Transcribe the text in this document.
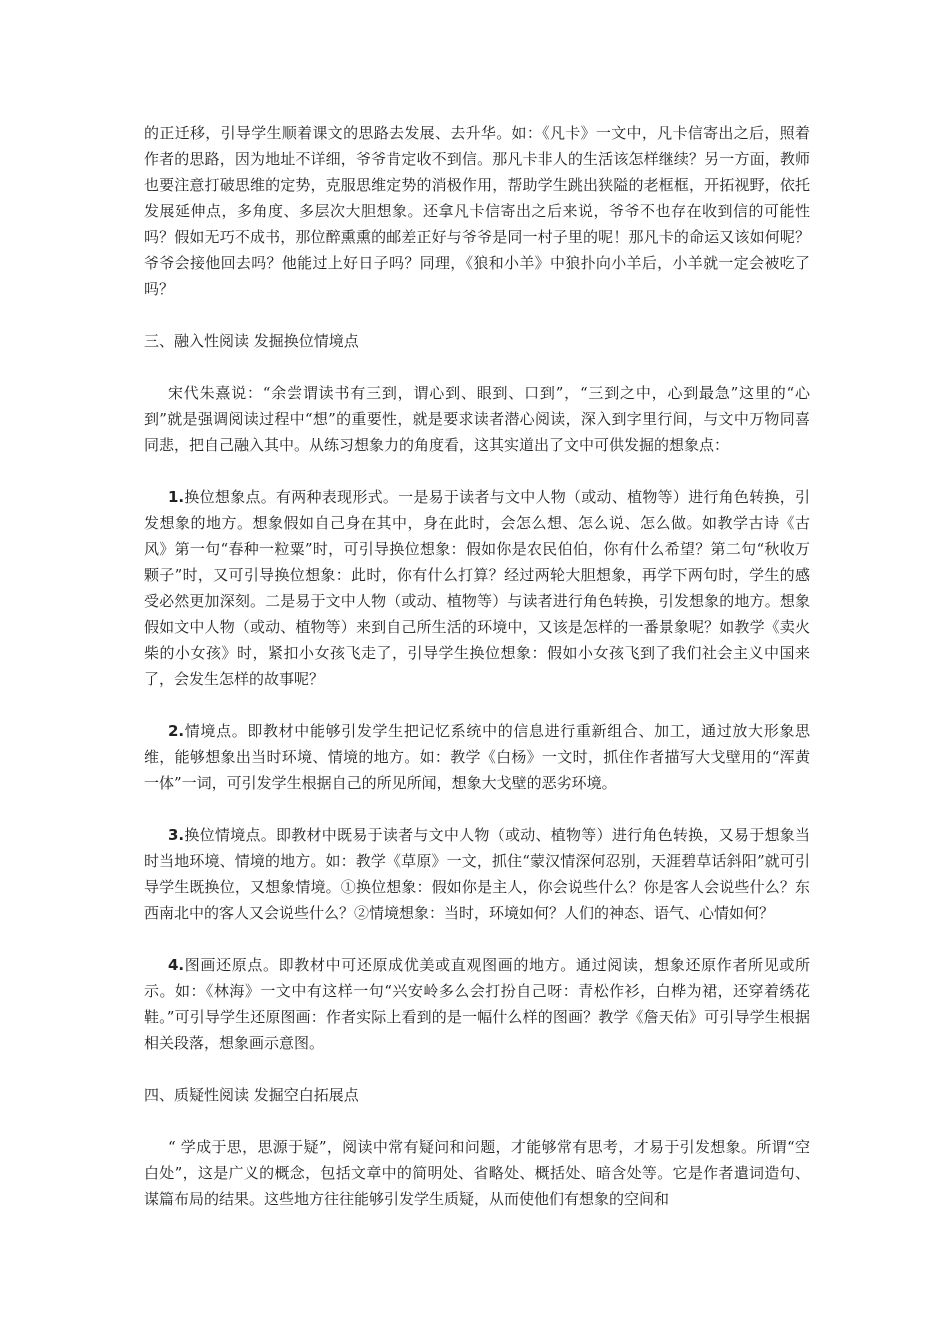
的正迁移，引导学生顺着课文的思路去发展、去升华。如：《凡卡》一文中，凡卡信寄出之后，照着作者的思路，因为地址不详细，爷爷肯定收不到信。那凡卡非人的生活该怎样继续？另一方面，教师也要注意打破思维的定势，克服思维定势的消极作用，帮助学生跳出狭隘的老框框，开拓视野，依托发展延伸点，多角度、多层次大胆想象。还拿凡卡信寄出之后来说，爷爷不也存在收到信的可能性吗？假如无巧不成书，那位醉熏熏的邮差正好与爷爷是同一村子里的呢！那凡卡的命运又该如何呢？爷爷会接他回去吗？他能过上好日子吗？同理，《狼和小羊》中狼扑向小羊后，小羊就一定会被吃了吗？

三、融入性阅读 发掘换位情境点

宋代朱熹说：“余尝谓读书有三到，谓心到、眼到、口到”，“三到之中，心到最急”这里的“心到”就是强调阅读过程中“想”的重要性，就是要求读者潜心阅读，深入到字里行间，与文中万物同喜同悲，把自己融入其中。从练习想象力的角度看，这其实道出了文中可供发掘的想象点：

1.换位想象点。有两种表现形式。一是易于读者与文中人物（或动、植物等）进行角色转换，引发想象的地方。想象假如自己身在其中，身在此时，会怎么想、怎么说、怎么做。如教学古诗《古风》第一句“春种一粒粟”时，可引导换位想象：假如你是农民伯伯，你有什么希望？第二句“秋收万颗子”时，又可引导换位想象：此时，你有什么打算？经过两轮大胆想象，再学下两句时，学生的感受必然更加深刻。二是易于文中人物（或动、植物等）与读者进行角色转换，引发想象的地方。想象假如文中人物（或动、植物等）来到自己所生活的环境中，又该是怎样的一番景象呢？如教学《卖火柴的小女孩》时，紧扣小女孩飞走了，引导学生换位想象：假如小女孩飞到了我们社会主义中国来了，会发生怎样的故事呢？

2.情境点。即教材中能够引发学生把记忆系统中的信息进行重新组合、加工，通过放大形象思维，能够想象出当时环境、情境的地方。如：教学《白杨》一文时，抓住作者描写大戈壁用的“浑黄一体”一词，可引发学生根据自己的所见所闻，想象大戈壁的恶劣环境。

3.换位情境点。即教材中既易于读者与文中人物（或动、植物等）进行角色转换，又易于想象当时当地环境、情境的地方。如：教学《草原》一文，抓住“蒙汉情深何忍别，天涯碧草话斜阳”就可引导学生既换位，又想象情境。①换位想象：假如你是主人，你会说些什么？你是客人会说些什么？东西南北中的客人又会说些什么？②情境想象：当时，环境如何？人们的神态、语气、心情如何？

4.图画还原点。即教材中可还原成优美或直观图画的地方。通过阅读，想象还原作者所见或所示。如：《林海》一文中有这样一句“兴安岭多么会打扮自己呀：青松作衫，白桦为裙，还穿着绣花鞋。”可引导学生还原图画：作者实际上看到的是一幅什么样的图画？教学《詹天佑》可引导学生根据相关段落，想象画示意图。

四、质疑性阅读 发掘空白拓展点

“ 学成于思，思源于疑”，阅读中常有疑问和问题，才能够常有思考，才易于引发想象。所谓“空白处”，这是广义的概念，包括文章中的简明处、省略处、概括处、暗含处等。它是作者遣词造句、谋篇布局的结果。这些地方往往能够引发学生质疑，从而使他们有想象的空间和
